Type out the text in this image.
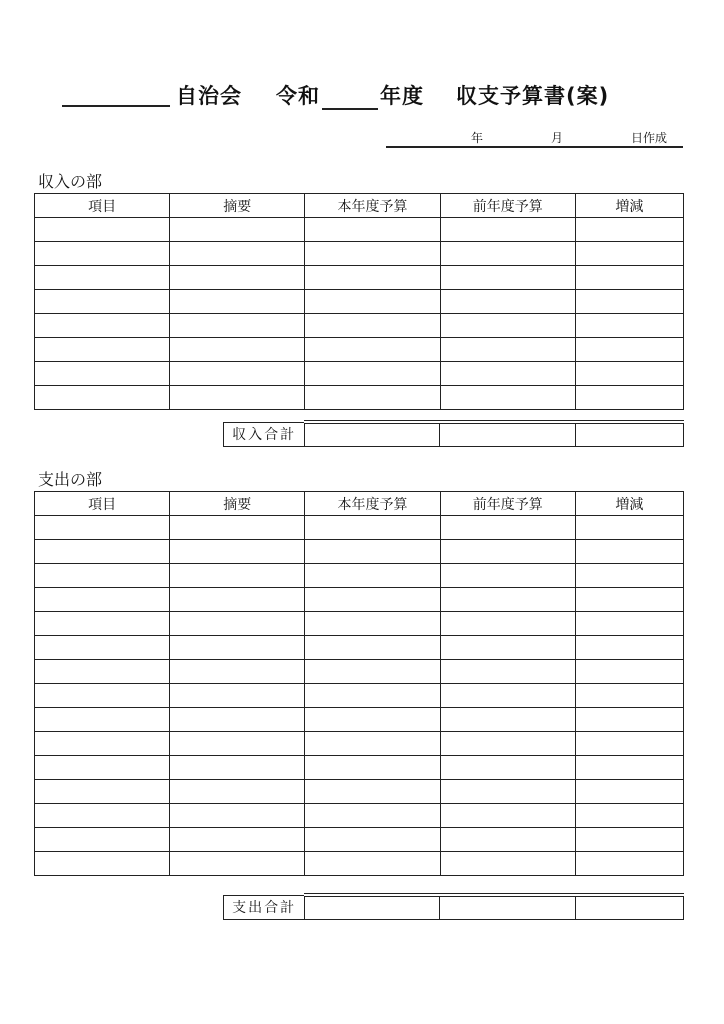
自治会 令和	年度 収支予算書(案)
年	月	日作成
収入の部
項目	摘要	本年度予算	前年度予算	増減

収入合計			
支出の部
項目	摘要	本年度予算	前年度予算	増減

支出合計			
